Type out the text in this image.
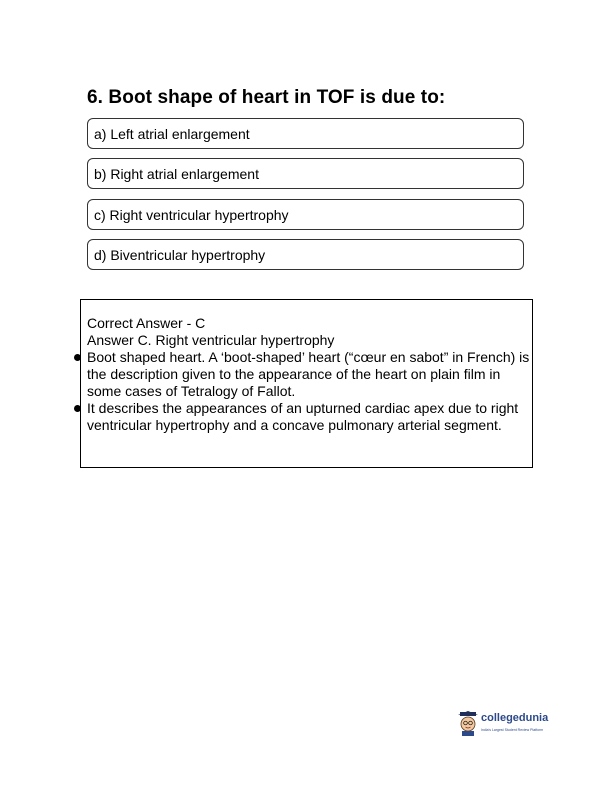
6. Boot shape of heart in TOF is due to:
a) Left atrial enlargement
b) Right atrial enlargement
c) Right ventricular hypertrophy
d) Biventricular hypertrophy
Correct Answer - C
Answer C. Right ventricular hypertrophy
Boot shaped heart. A ‘boot-shaped’ heart (“cœur en sabot” in French) is the description given to the appearance of the heart on plain film in some cases of Tetralogy of Fallot.
It describes the appearances of an upturned cardiac apex due to right ventricular hypertrophy and a concave pulmonary arterial segment.
collegedunia
India's Largest Student Review Platform
